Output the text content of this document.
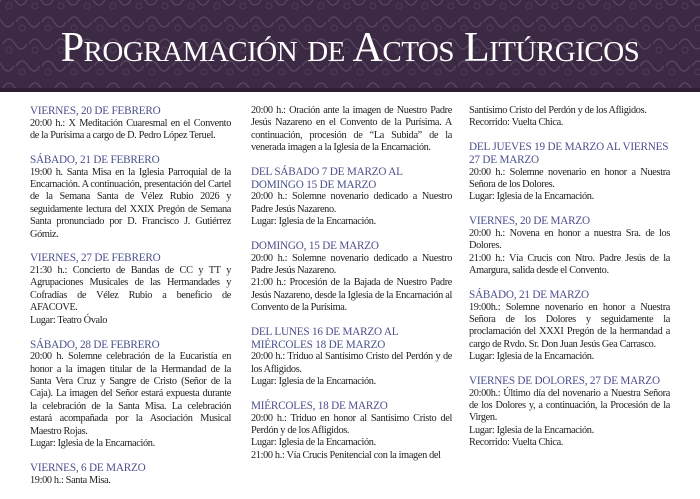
Programación de Actos Litúrgicos
VIERNES, 20 DE FEBRERO
20:00 h.: X Meditación Cuaresmal en el Convento de la Purísima a cargo de D. Pedro López Teruel.
SÁBADO, 21 DE FEBRERO
19:00 h. Santa Misa en la Iglesia Parroquial de la Encarnación. A continuación, presentación del Cartel de la Semana Santa de Vélez Rubio 2026 y seguidamente lectura del XXIX Pregón de Semana Santa pronunciado por D. Francisco J. Gutiérrez Gómiz.
VIERNES, 27 DE FEBRERO
21:30 h.: Concierto de Bandas de CC y TT y Agrupaciones Musicales de las Hermandades y Cofradías de Vélez Rubio a beneficio de AFACOVE.
Lugar: Teatro Óvalo
SÁBADO, 28 DE FEBRERO
20:00 h. Solemne celebración de la Eucaristía en honor a la imagen titular de la Hermandad de la Santa Vera Cruz y Sangre de Cristo (Señor de la Caja). La imagen del Señor estará expuesta durante la celebración de la Santa Misa. La celebración estará acompañada por la Asociación Musical Maestro Rojas.
Lugar: Iglesia de la Encarnación.
VIERNES, 6 DE MARZO
19:00 h.: Santa Misa.
20:00 h.: Oración ante la imagen de Nuestro Padre Jesús Nazareno en el Convento de la Purísima. A continuación, procesión de “La Subida” de la venerada imagen a la Iglesia de la Encarnación.
DEL SÁBADO 7 DE MARZO AL DOMINGO 15 DE MARZO
20:00 h.: Solemne novenario dedicado a Nuestro Padre Jesús Nazareno.
Lugar: Iglesia de la Encarnación.
DOMINGO, 15 DE MARZO
20:00 h.: Solemne novenario dedicado a Nuestro Padre Jesús Nazareno.
21:00 h.: Procesión de la Bajada de Nuestro Padre Jesús Nazareno, desde la Iglesia de la Encarnación al Convento de la Purísima.
DEL LUNES 16 DE MARZO AL MIÉRCOLES 18 DE MARZO
20:00 h.: Triduo al Santísimo Cristo del Perdón y de los Afligidos.
Lugar: Iglesia de la Encarnación.
MIÉRCOLES, 18 DE MARZO
20:00 h.: Triduo en honor al Santísimo Cristo del Perdón y de los Afligidos.
Lugar: Iglesia de la Encarnación.
21:00 h.: Vía Crucis Penitencial con la imagen del
Santísimo Cristo del Perdón y de los Afligidos.
Recorrido: Vuelta Chica.
DEL JUEVES 19 DE MARZO AL VIERNES 27 DE MARZO
20:00 h.: Solemne novenario en honor a Nuestra Señora de los Dolores.
Lugar: Iglesia de la Encarnación.
VIERNES, 20 DE MARZO
20:00 h.: Novena en honor a nuestra Sra. de los Dolores.
21:00 h.: Vía Crucis con Ntro. Padre Jesús de la Amargura, salida desde el Convento.
SÁBADO, 21 DE MARZO
19:00h.: Solemne novenario en honor a Nuestra Señora de los Dolores y seguidamente la proclamación del XXXI Pregón de la hermandad a cargo de Rvdo. Sr. Don Juan Jesús Gea Carrasco.
Lugar: Iglesia de la Encarnación.
VIERNES DE DOLORES, 27 DE MARZO
20:00h.: Último día del novenario a Nuestra Señora de los Dolores y, a continuación, la Procesión de la Virgen.
Lugar: Iglesia de la Encarnación.
Recorrido: Vuelta Chica.
